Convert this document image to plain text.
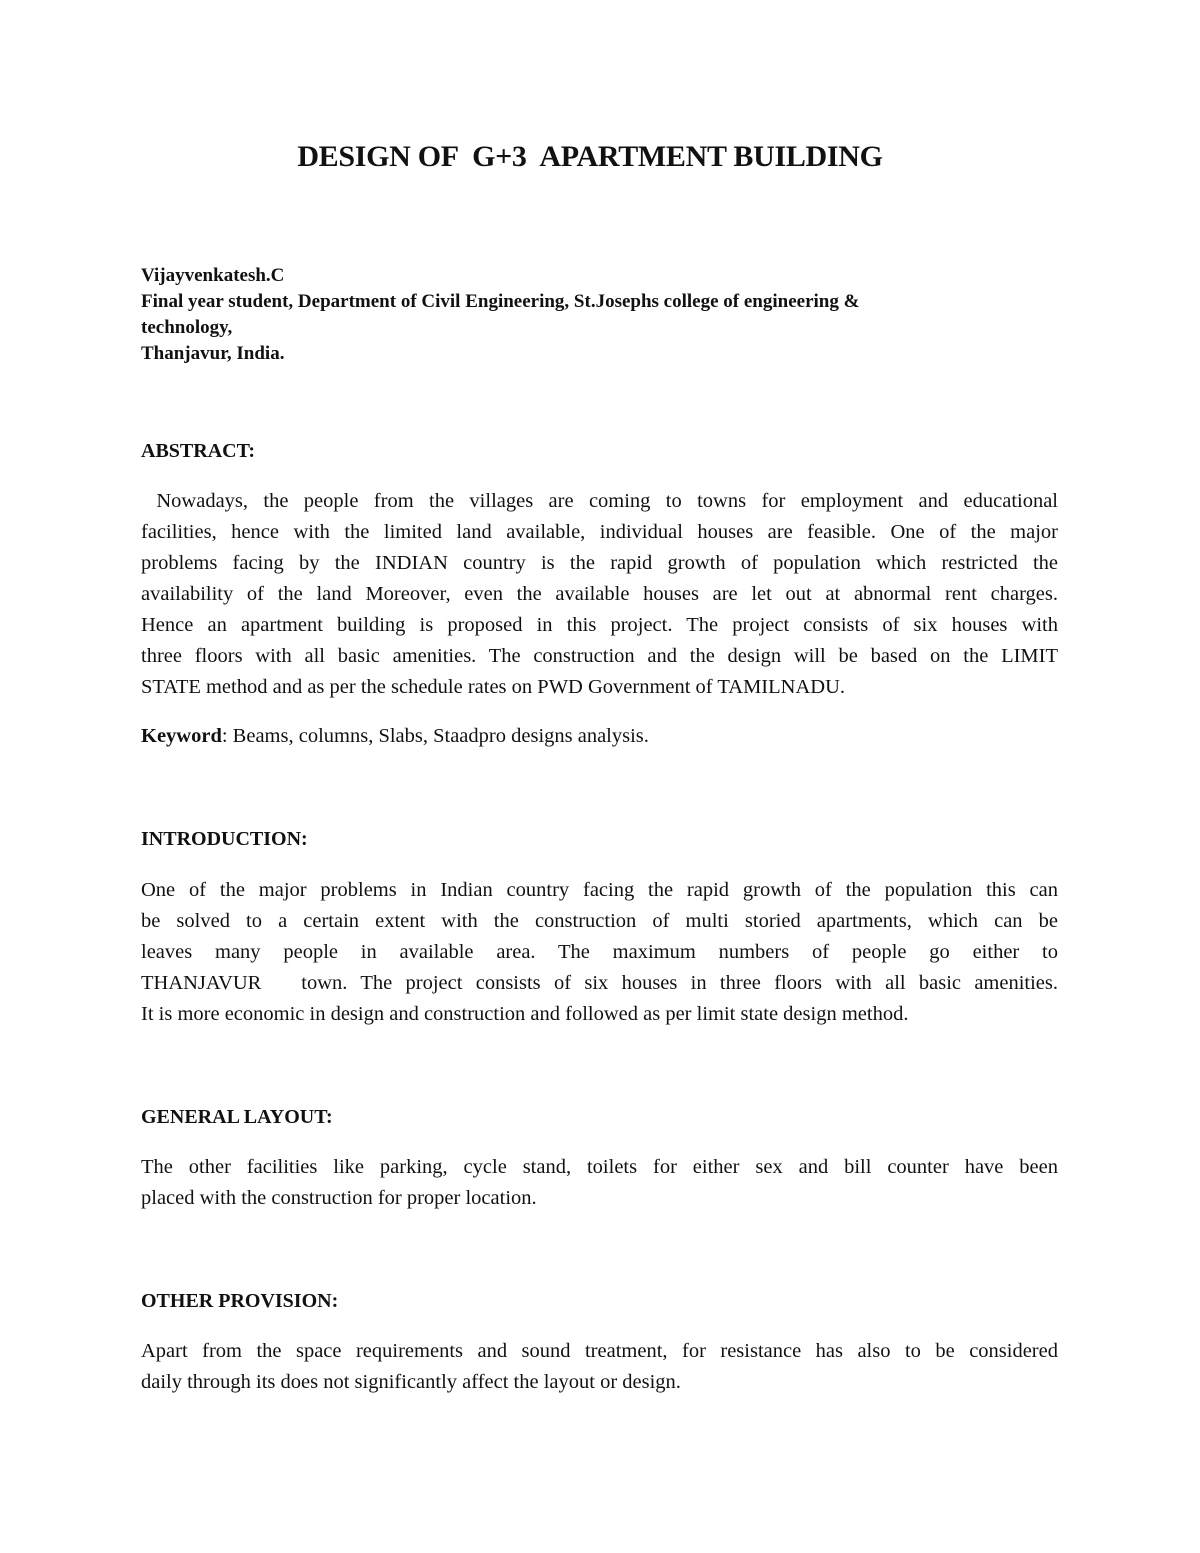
DESIGN OF  G+3  APARTMENT BUILDING
Vijayvenkatesh.C
Final year student, Department of Civil Engineering, St.Josephs college of engineering &
technology,
Thanjavur, India.
ABSTRACT:
Nowadays, the people from the villages are coming to towns for employment and educational
facilities, hence with the limited land available, individual houses are feasible. One of the major
problems facing by the INDIAN country is the rapid growth of population which restricted the
availability of the land Moreover, even the available houses are let out at abnormal rent charges.
Hence an apartment building is proposed in this project. The project consists of six houses with
three floors with all basic amenities. The construction and the design will be based on the LIMIT
STATE method and as per the schedule rates on PWD Government of TAMILNADU.
Keyword: Beams, columns, Slabs, Staadpro designs analysis.
INTRODUCTION:
One of the major problems in Indian country facing the rapid growth of the population this can
be solved to a certain extent with the construction of multi storied apartments, which can be
leaves many people in available area. The maximum numbers of people go either to
THANJAVUR   town. The project consists of six houses in three floors with all basic amenities.
It is more economic in design and construction and followed as per limit state design method.
GENERAL LAYOUT:
The other facilities like parking, cycle stand, toilets for either sex and bill counter have been
placed with the construction for proper location.
OTHER PROVISION:
Apart from the space requirements and sound treatment, for resistance has also to be considered
daily through its does not significantly affect the layout or design.
